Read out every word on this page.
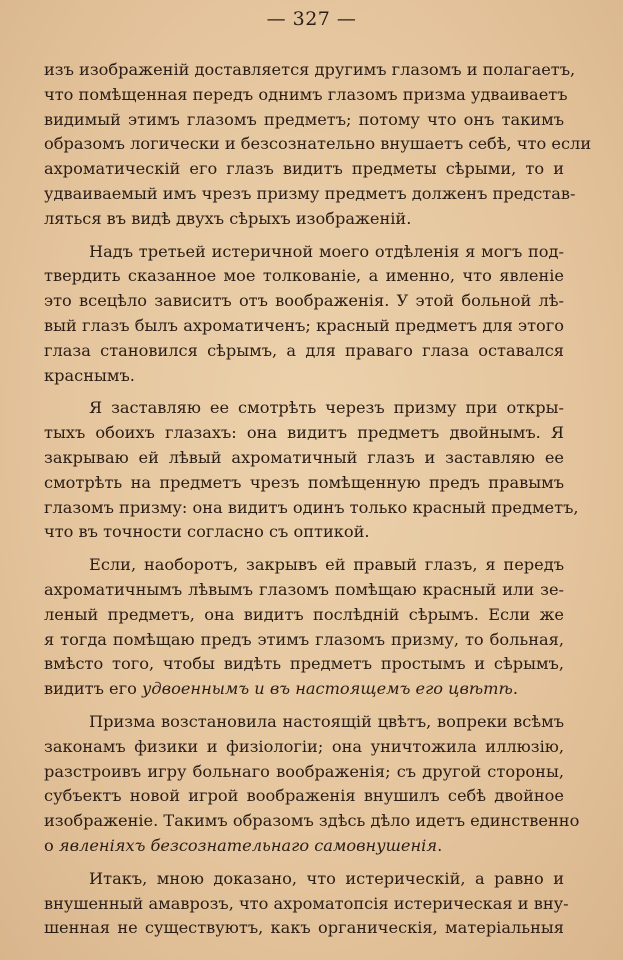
— 327 —
изъ изображеній доставляется другимъ глазомъ и полагаетъ,
что помѣщенная передъ однимъ глазомъ призма удваиваетъ
видимый этимъ глазомъ предметъ; потому что онъ такимъ
образомъ логически и безсознательно внушаетъ себѣ, что если
ахроматическій его глазъ видитъ предметы сѣрыми, то и
удваиваемый имъ чрезъ призму предметъ долженъ представ-
ляться въ видѣ двухъ сѣрыхъ изображеній.
Надъ третьей истеричной моего отдѣленія я могъ под-
твердить сказанное мое толкованіе, а именно, что явленіе
это всецѣло зависитъ отъ воображенія. У этой больной лѣ-
вый глазъ былъ ахроматиченъ; красный предметъ для этого
глаза становился сѣрымъ, а для праваго глаза оставался
краснымъ.
Я заставляю ее смотрѣть черезъ призму при откры-
тыхъ обоихъ глазахъ: она видитъ предметъ двойнымъ. Я
закрываю ей лѣвый ахроматичный глазъ и заставляю ее
смотрѣть на предметъ чрезъ помѣщенную предъ правымъ
глазомъ призму: она видитъ одинъ только красный предметъ,
что въ точности согласно съ оптикой.
Если, наоборотъ, закрывъ ей правый глазъ, я передъ
ахроматичнымъ лѣвымъ глазомъ помѣщаю красный или зе-
леный предметъ, она видитъ послѣдній сѣрымъ. Если же
я тогда помѣщаю предъ этимъ глазомъ призму, то больная,
вмѣсто того, чтобы видѣть предметъ простымъ и сѣрымъ,
видитъ его удвоеннымъ и въ настоящемъ его цвѣтѣ.
Призма возстановила настоящій цвѣтъ, вопреки всѣмъ
законамъ физики и физіологіи; она уничтожила иллюзію,
разстроивъ игру больнаго воображенія; съ другой стороны,
субъектъ новой игрой воображенія внушилъ себѣ двойное
изображеніе. Такимъ образомъ здѣсь дѣло идетъ единственно
о явленіяхъ безсознательнаго самовнушенія.
Итакъ, мною доказано, что истерическій, а равно и
внушенный амаврозъ, что ахроматопсія истерическая и вну-
шенная не существуютъ, какъ органическія, матеріальныя
